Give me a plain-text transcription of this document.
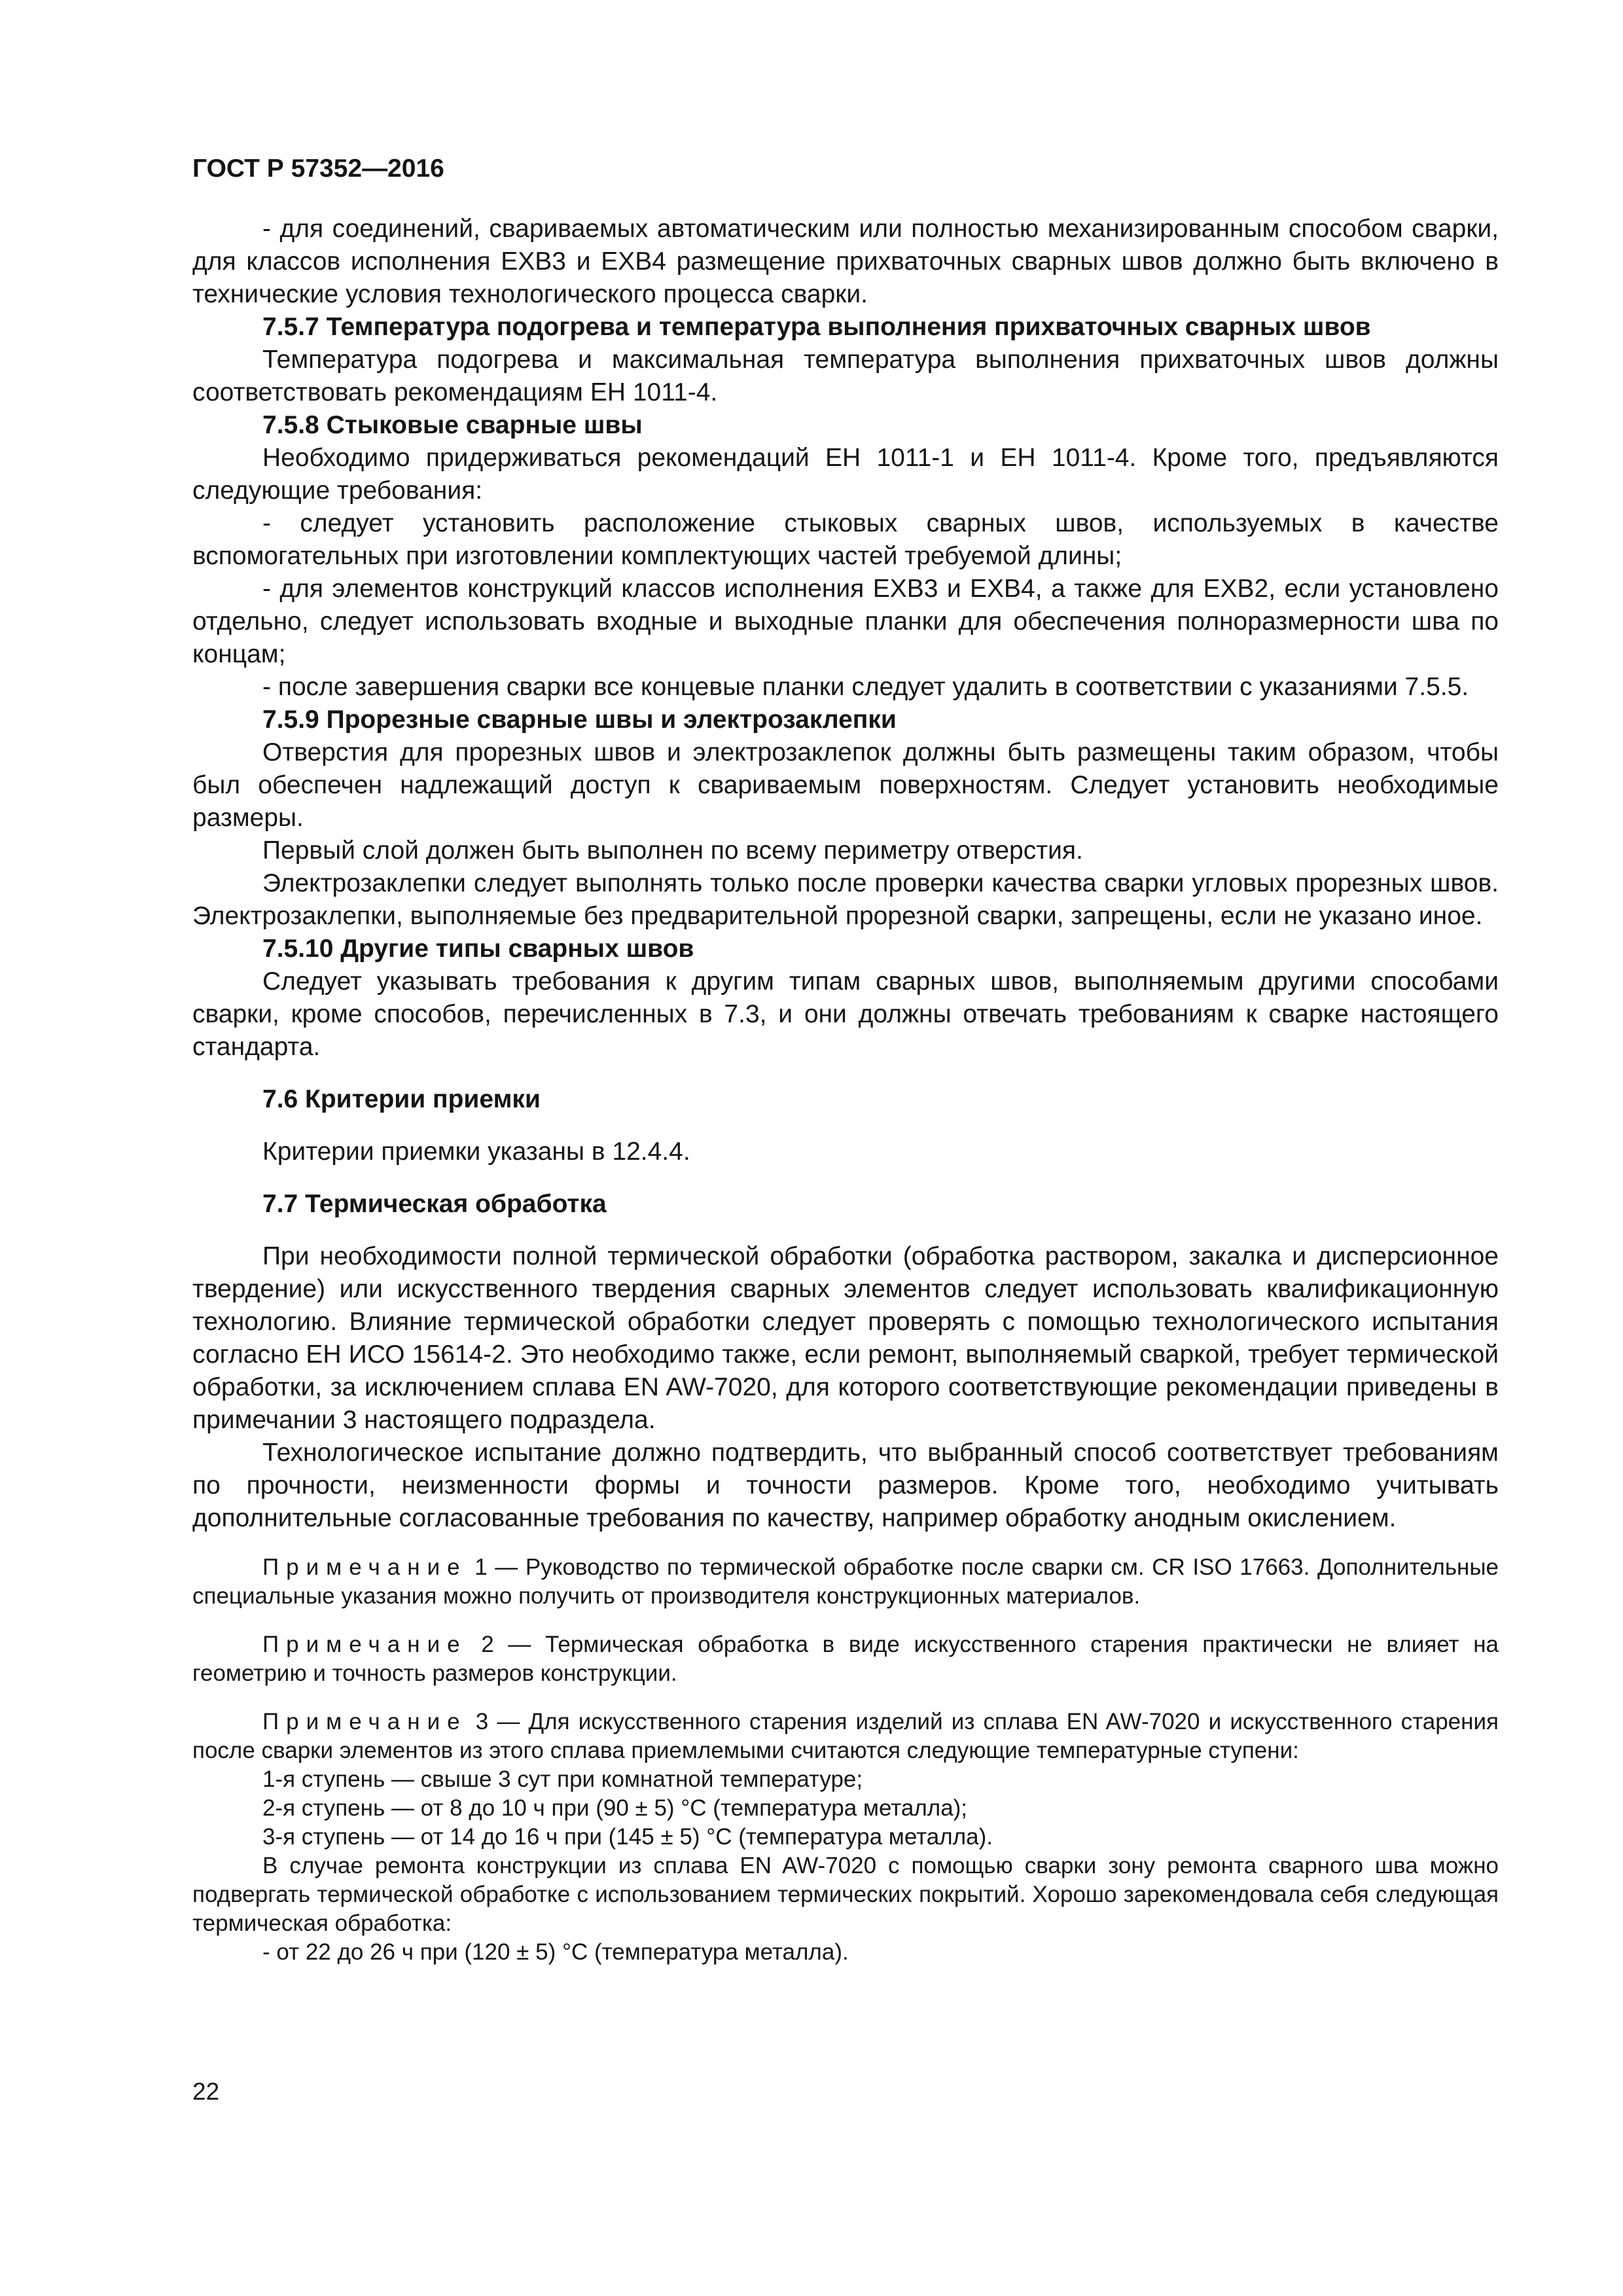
ГОСТ Р 57352—2016

- для соединений, свариваемых автоматическим или полностью механизированным способом сварки, для классов исполнения EXB3 и EXB4 размещение прихваточных сварных швов должно быть включено в технические условия технологического процесса сварки.

7.5.7 Температура подогрева и температура выполнения прихваточных сварных швов

Температура подогрева и максимальная температура выполнения прихваточных швов должны соответствовать рекомендациям ЕН 1011-4.

7.5.8 Стыковые сварные швы

Необходимо придерживаться рекомендаций ЕН 1011-1 и ЕН 1011-4. Кроме того, предъявляются следующие требования:

- следует установить расположение стыковых сварных швов, используемых в качестве вспомогательных при изготовлении комплектующих частей требуемой длины;

- для элементов конструкций классов исполнения EXB3 и EXB4, а также для EXB2, если установлено отдельно, следует использовать входные и выходные планки для обеспечения полноразмерности шва по концам;

- после завершения сварки все концевые планки следует удалить в соответствии с указаниями 7.5.5.

7.5.9 Прорезные сварные швы и электрозаклепки

Отверстия для прорезных швов и электрозаклепок должны быть размещены таким образом, чтобы был обеспечен надлежащий доступ к свариваемым поверхностям. Следует установить необходимые размеры.

Первый слой должен быть выполнен по всему периметру отверстия.

Электрозаклепки следует выполнять только после проверки качества сварки угловых прорезных швов. Электрозаклепки, выполняемые без предварительной прорезной сварки, запрещены, если не указано иное.

7.5.10 Другие типы сварных швов

Следует указывать требования к другим типам сварных швов, выполняемым другими способами сварки, кроме способов, перечисленных в 7.3, и они должны отвечать требованиям к сварке настоящего стандарта.

7.6 Критерии приемки

Критерии приемки указаны в 12.4.4.

7.7 Термическая обработка

При необходимости полной термической обработки (обработка раствором, закалка и дисперсионное твердение) или искусственного твердения сварных элементов следует использовать квалификационную технологию. Влияние термической обработки следует проверять с помощью технологического испытания согласно ЕН ИСО 15614-2. Это необходимо также, если ремонт, выполняемый сваркой, требует термической обработки, за исключением сплава EN AW-7020, для которого соответствующие рекомендации приведены в примечании 3 настоящего подраздела.

Технологическое испытание должно подтвердить, что выбранный способ соответствует требованиям по прочности, неизменности формы и точности размеров. Кроме того, необходимо учитывать дополнительные согласованные требования по качеству, например обработку анодным окислением.

Примечание 1 — Руководство по термической обработке после сварки см. CR ISO 17663. Дополнительные специальные указания можно получить от производителя конструкционных материалов.

Примечание 2 — Термическая обработка в виде искусственного старения практически не влияет на геометрию и точность размеров конструкции.

Примечание 3 — Для искусственного старения изделий из сплава EN AW-7020 и искусственного старения после сварки элементов из этого сплава приемлемыми считаются следующие температурные ступени:

1-я ступень — свыше 3 сут при комнатной температуре;

2-я ступень — от 8 до 10 ч при (90 ± 5) °С (температура металла);

3-я ступень — от 14 до 16 ч при (145 ± 5) °С (температура металла).

В случае ремонта конструкции из сплава EN AW-7020 с помощью сварки зону ремонта сварного шва можно подвергать термической обработке с использованием термических покрытий. Хорошо зарекомендовала себя следующая термическая обработка:

- от 22 до 26 ч при (120 ± 5) °С (температура металла).

22
